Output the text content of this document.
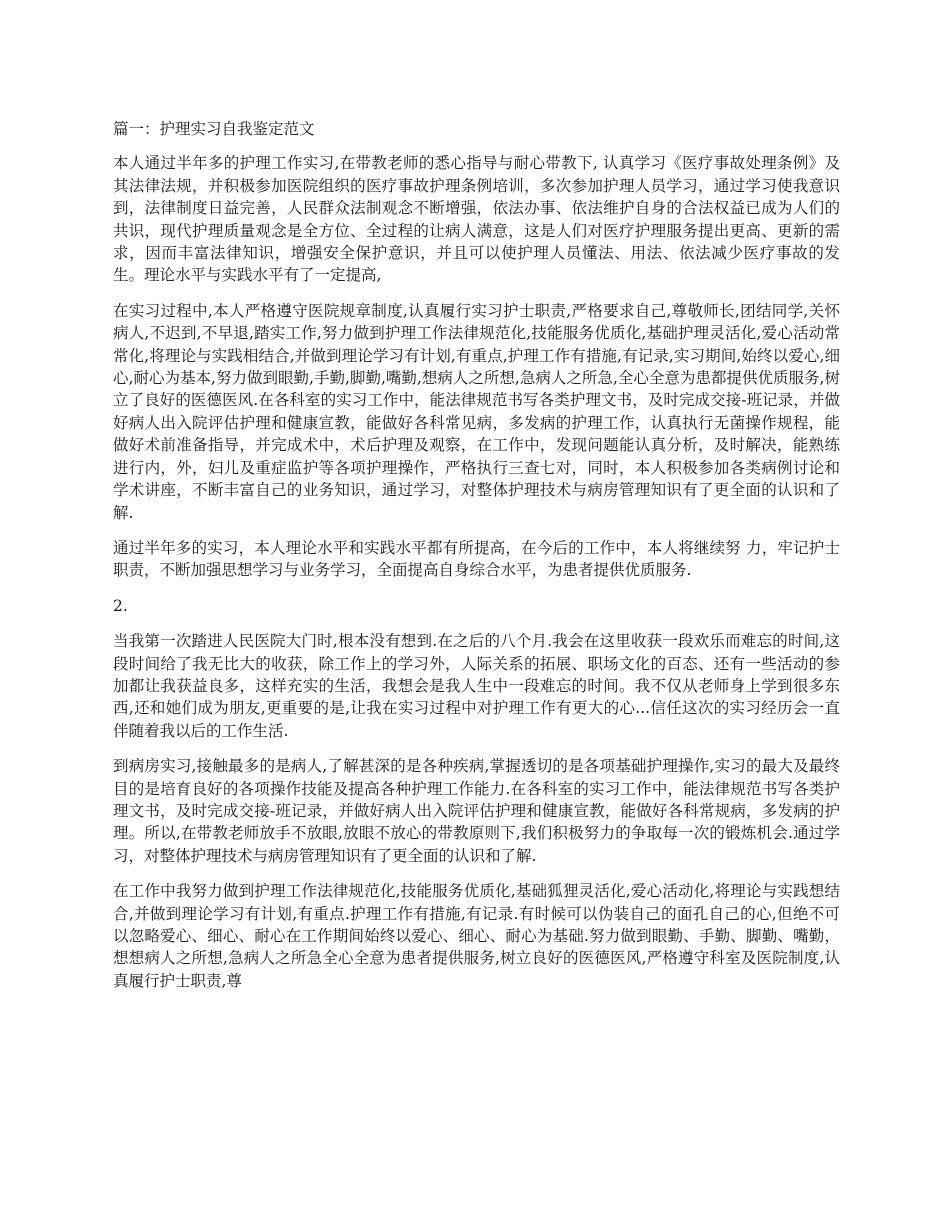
篇一：护理实习自我鉴定范文

本人通过半年多的护理工作实习,在带教老师的悉心指导与耐心带教下, 认真学习《医疗事故处理条例》及其法律法规，并积极参加医院组织的医疗事故护理条例培训，多次参加护理人员学习，通过学习使我意识到，法律制度日益完善，人民群众法制观念不断增强，依法办事、依法维护自身的合法权益已成为人们的共识，现代护理质量观念是全方位、全过程的让病人满意，这是人们对医疗护理服务提出更高、更新的需求，因而丰富法律知识，增强安全保护意识，并且可以使护理人员懂法、用法、依法减少医疗事故的发生。理论水平与实践水平有了一定提高,

在实习过程中,本人严格遵守医院规章制度,认真履行实习护士职责,严格要求自己,尊敬师长,团结同学,关怀病人,不迟到,不早退,踏实工作,努力做到护理工作法律规范化,技能服务优质化,基础护理灵活化,爱心活动常常化,将理论与实践相结合,并做到理论学习有计划,有重点,护理工作有措施,有记录,实习期间,始终以爱心,细心,耐心为基本,努力做到眼勤,手勤,脚勤,嘴勤,想病人之所想,急病人之所急,全心全意为患都提供优质服务,树立了良好的医德医风.在各科室的实习工作中，能法律规范书写各类护理文书，及时完成交接-班记录，并做好病人出入院评估护理和健康宣教，能做好各科常见病，多发病的护理工作，认真执行无菌操作规程，能做好术前准备指导，并完成术中，术后护理及观察，在工作中，发现问题能认真分析，及时解决，能熟练进行内，外，妇儿及重症监护等各项护理操作，严格执行三查七对，同时，本人积极参加各类病例讨论和学术讲座，不断丰富自己的业务知识，通过学习，对整体护理技术与病房管理知识有了更全面的认识和了解.

通过半年多的实习，本人理论水平和实践水平都有所提高，在今后的工作中，本人将继续努 力，牢记护士职责，不断加强思想学习与业务学习，全面提高自身综合水平，为患者提供优质服务.

2.

当我第一次踏进人民医院大门时,根本没有想到.在之后的八个月.我会在这里收获一段欢乐而难忘的时间,这段时间给了我无比大的收获，除工作上的学习外，人际关系的拓展、职场文化的百态、还有一些活动的参加都让我获益良多，这样充实的生活，我想会是我人生中一段难忘的时间。我不仅从老师身上学到很多东西,还和她们成为朋友,更重要的是,让我在实习过程中对护理工作有更大的心...信任这次的实习经历会一直伴随着我以后的工作生活.

到病房实习,接触最多的是病人,了解甚深的是各种疾病,掌握透切的是各项基础护理操作,实习的最大及最终目的是培育良好的各项操作技能及提高各种护理工作能力.在各科室的实习工作中，能法律规范书写各类护理文书，及时完成交接-班记录，并做好病人出入院评估护理和健康宣教，能做好各科常规病，多发病的护理。所以,在带教老师放手不放眼,放眼不放心的带教原则下,我们积极努力的争取每一次的锻炼机会.通过学习，对整体护理技术与病房管理知识有了更全面的认识和了解.

在工作中我努力做到护理工作法律规范化,技能服务优质化,基础狐狸灵活化,爱心活动化,将理论与实践想结合,并做到理论学习有计划,有重点.护理工作有措施,有记录.有时候可以伪装自己的面孔自己的心,但绝不可以忽略爱心、细心、耐心在工作期间始终以爱心、细心、耐心为基础.努力做到眼勤、手勤、脚勤、嘴勤，想想病人之所想,急病人之所急全心全意为患者提供服务,树立良好的医德医风,严格遵守科室及医院制度,认真履行护士职责,尊
